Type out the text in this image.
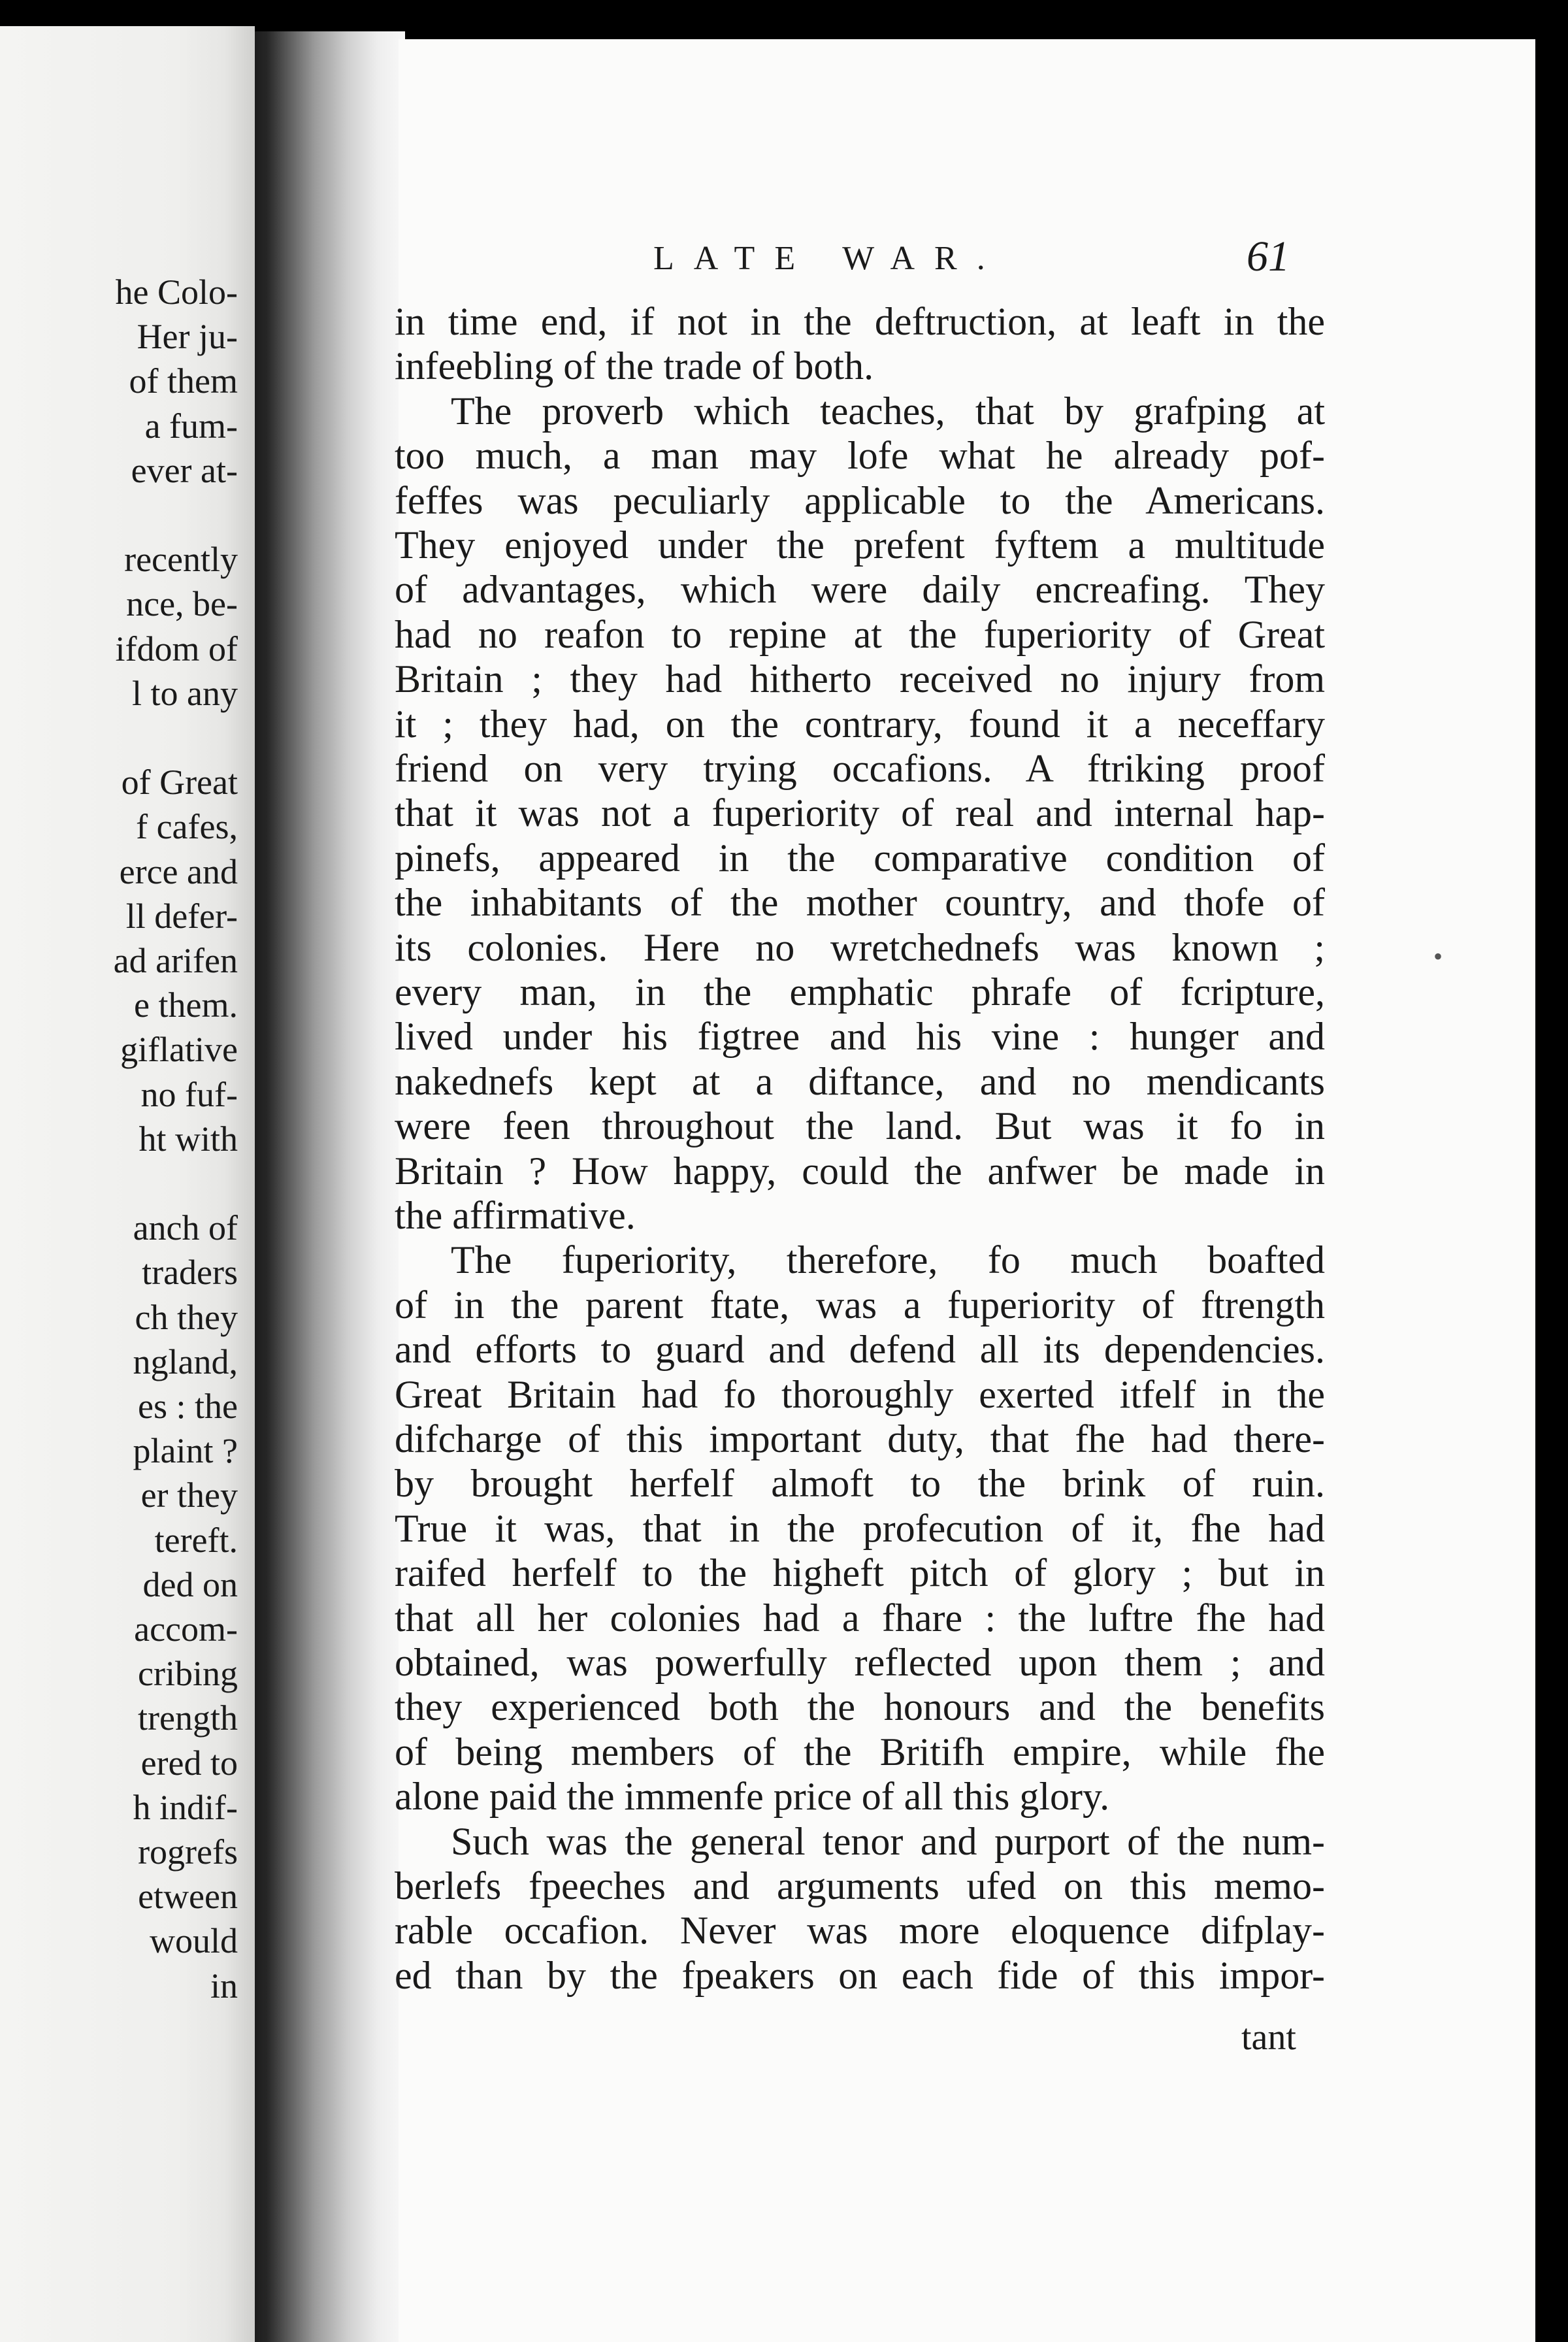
he Colo-
Her ju-
of them
a fum-
ever at-
recently
nce, be-
ifdom of
l to any
of Great
f cafes,
erce and
ll defer-
ad arifen
e them.
giflative
no fuf-
ht with
anch of
traders
ch they
ngland,
es : the
plaint ?
er they
tereft.
ded on
accom-
cribing
trength
ered to
h indif-
rogrefs
etween
would
in
LATE WAR.	61
in time end, if not in the deftruction, at leaft in the
infeebling of the trade of both.
The proverb which teaches, that by grafping at
too much, a man may lofe what he already pof-
feffes was peculiarly applicable to the Americans.
They enjoyed under the prefent fyftem a multitude
of advantages, which were daily encreafing. They
had no reafon to repine at the fuperiority of Great
Britain ; they had hitherto received no injury from
it ; they had, on the contrary, found it a neceffary
friend on very trying occafions. A ftriking proof
that it was not a fuperiority of real and internal hap-
pinefs, appeared in the comparative condition of
the inhabitants of the mother country, and thofe of
its colonies. Here no wretchednefs was known ;
every man, in the emphatic phrafe of fcripture,
lived under his figtree and his vine : hunger and
nakednefs kept at a diftance, and no mendicants
were feen throughout the land. But was it fo in
Britain ? How happy, could the anfwer be made in
the affirmative.
The fuperiority, therefore, fo much boafted
of in the parent ftate, was a fuperiority of ftrength
and efforts to guard and defend all its dependencies.
Great Britain had fo thoroughly exerted itfelf in the
difcharge of this important duty, that fhe had there-
by brought herfelf almoft to the brink of ruin.
True it was, that in the profecution of it, fhe had
raifed herfelf to the higheft pitch of glory ; but in
that all her colonies had a fhare : the luftre fhe had
obtained, was powerfully reflected upon them ; and
they experienced both the honours and the benefits
of being members of the Britifh empire, while fhe
alone paid the immenfe price of all this glory.
Such was the general tenor and purport of the num-
berlefs fpeeches and arguments ufed on this memo-
rable occafion. Never was more eloquence difplay-
ed than by the fpeakers on each fide of this impor-
tant
•
